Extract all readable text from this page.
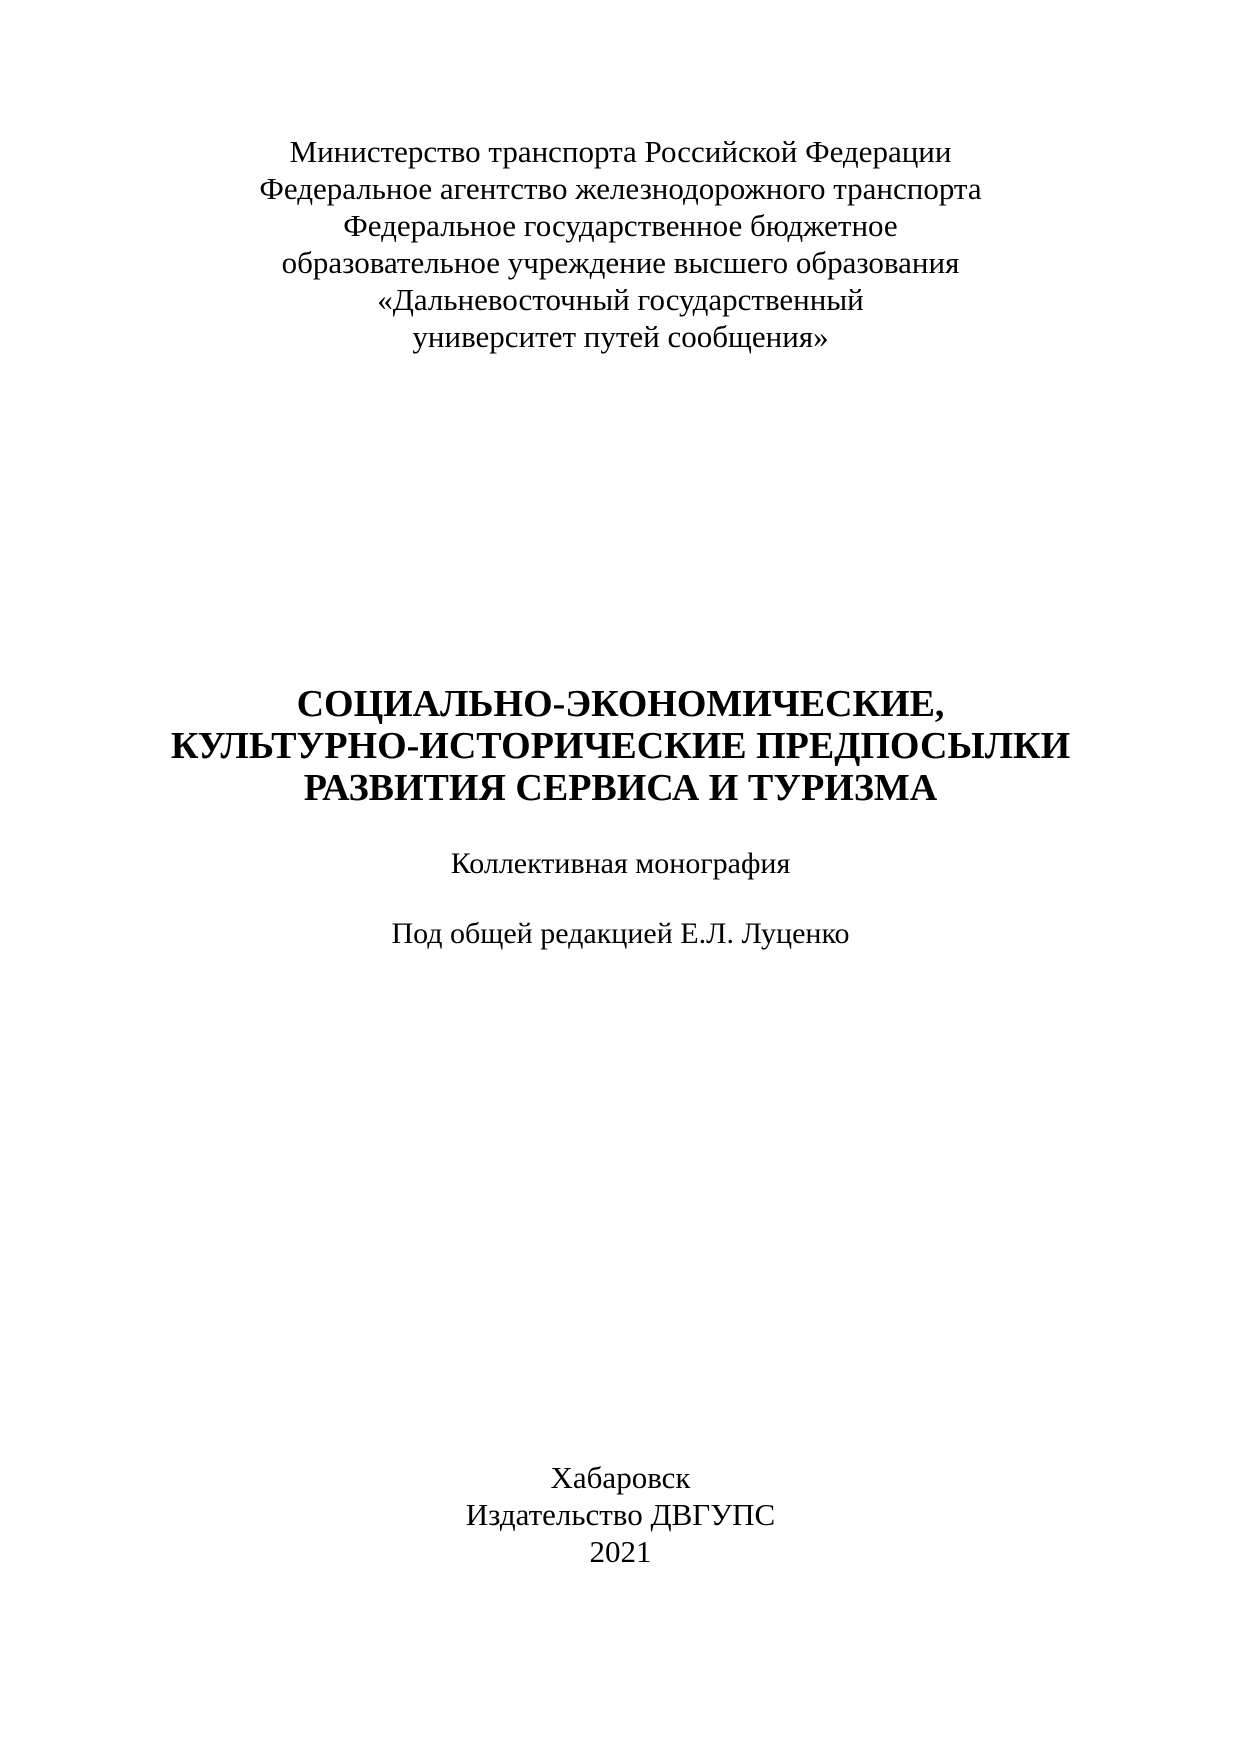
Министерство транспорта Российской Федерации
Федеральное агентство железнодорожного транспорта
Федеральное государственное бюджетное
образовательное учреждение высшего образования
«Дальневосточный государственный
университет путей сообщения»
СОЦИАЛЬНО-ЭКОНОМИЧЕСКИЕ,
КУЛЬТУРНО-ИСТОРИЧЕСКИЕ ПРЕДПОСЫЛКИ
РАЗВИТИЯ СЕРВИСА И ТУРИЗМА
Коллективная монография
Под общей редакцией Е.Л. Луценко
Хабаровск
Издательство ДВГУПС
2021
